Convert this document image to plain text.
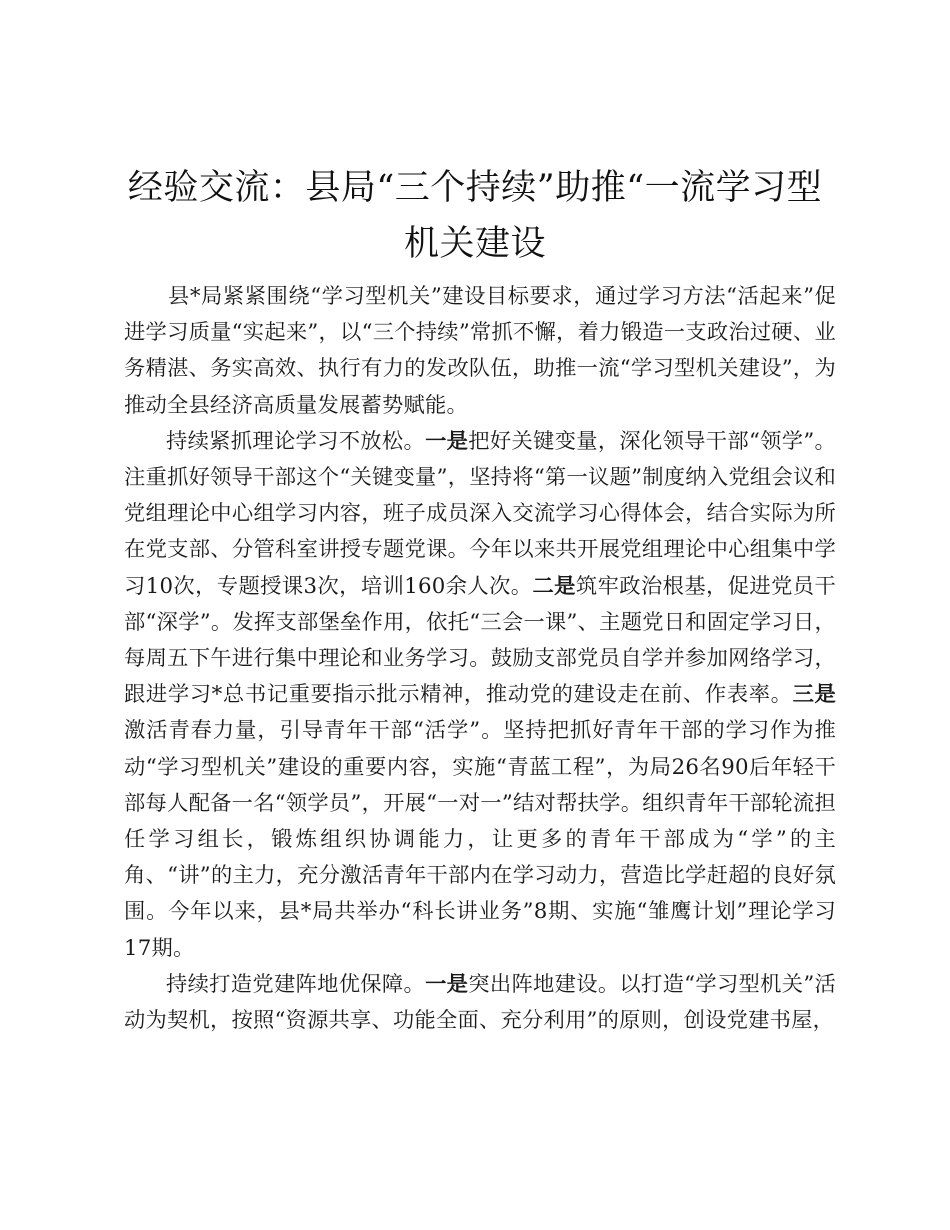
经验交流：县局“三个持续”助推“一流学习型机关建设

县*局紧紧围绕“学习型机关”建设目标要求，通过学习方法“活起来”促进学习质量“实起来”，以“三个持续”常抓不懈，着力锻造一支政治过硬、业务精湛、务实高效、执行有力的发改队伍，助推一流“学习型机关建设”，为推动全县经济高质量发展蓄势赋能。

持续紧抓理论学习不放松。一是把好关键变量，深化领导干部“领学”。注重抓好领导干部这个“关键变量”，坚持将“第一议题”制度纳入党组会议和党组理论中心组学习内容，班子成员深入交流学习心得体会，结合实际为所在党支部、分管科室讲授专题党课。今年以来共开展党组理论中心组集中学习10次，专题授课3次，培训160余人次。二是筑牢政治根基，促进党员干部“深学”。发挥支部堡垒作用，依托“三会一课”、主题党日和固定学习日，每周五下午进行集中理论和业务学习。鼓励支部党员自学并参加网络学习，跟进学习*总书记重要指示批示精神，推动党的建设走在前、作表率。三是激活青春力量，引导青年干部“活学”。坚持把抓好青年干部的学习作为推动“学习型机关”建设的重要内容，实施“青蓝工程”，为局26名90后年轻干部每人配备一名“领学员”，开展“一对一”结对帮扶学。组织青年干部轮流担任学习组长，锻炼组织协调能力，让更多的青年干部成为“学”的主角、“讲”的主力，充分激活青年干部内在学习动力，营造比学赶超的良好氛围。今年以来，县*局共举办“科长讲业务”8期、实施“雏鹰计划”理论学习17期。

持续打造党建阵地优保障。一是突出阵地建设。以打造“学习型机关”活动为契机，按照“资源共享、功能全面、充分利用”的原则，创设党建书屋，
